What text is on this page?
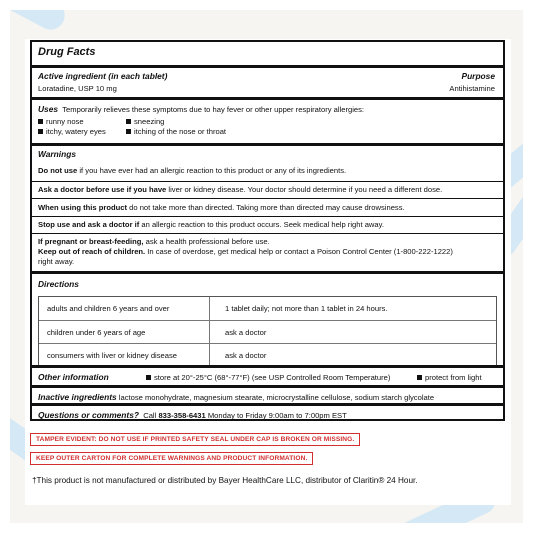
Drug Facts
Active ingredient (in each tablet)	Purpose
Loratadine, USP 10 mg	Antihistamine
Uses Temporarily relieves these symptoms due to hay fever or other upper respiratory allergies:
runny nose	sneezing
itchy, watery eyes	itching of the nose or throat
Warnings
Do not use if you have ever had an allergic reaction to this product or any of its ingredients.
Ask a doctor before use if you have liver or kidney disease. Your doctor should determine if you need a different dose.
When using this product do not take more than directed. Taking more than directed may cause drowsiness.
Stop use and ask a doctor if an allergic reaction to this product occurs. Seek medical help right away.
If pregnant or breast-feeding, ask a health professional before use.
Keep out of reach of children. In case of overdose, get medical help or contact a Poison Control Center (1-800-222-1222)
right away.
Directions
adults and children 6 years and over	1 tablet daily; not more than 1 tablet in 24 hours.
children under 6 years of age	ask a doctor
consumers with liver or kidney disease	ask a doctor
Other information	store at 20°-25°C (68°-77°F) (see USP Controlled Room Temperature)	protect from light
Inactive ingredients lactose monohydrate, magnesium stearate, microcrystalline cellulose, sodium starch glycolate
Questions or comments? Call 833-358-6431 Monday to Friday 9:00am to 7:00pm EST
TAMPER EVIDENT: DO NOT USE IF PRINTED SAFETY SEAL UNDER CAP IS BROKEN OR MISSING.
KEEP OUTER CARTON FOR COMPLETE WARNINGS AND PRODUCT INFORMATION.
†This product is not manufactured or distributed by Bayer HealthCare LLC, distributor of Claritin® 24 Hour.
